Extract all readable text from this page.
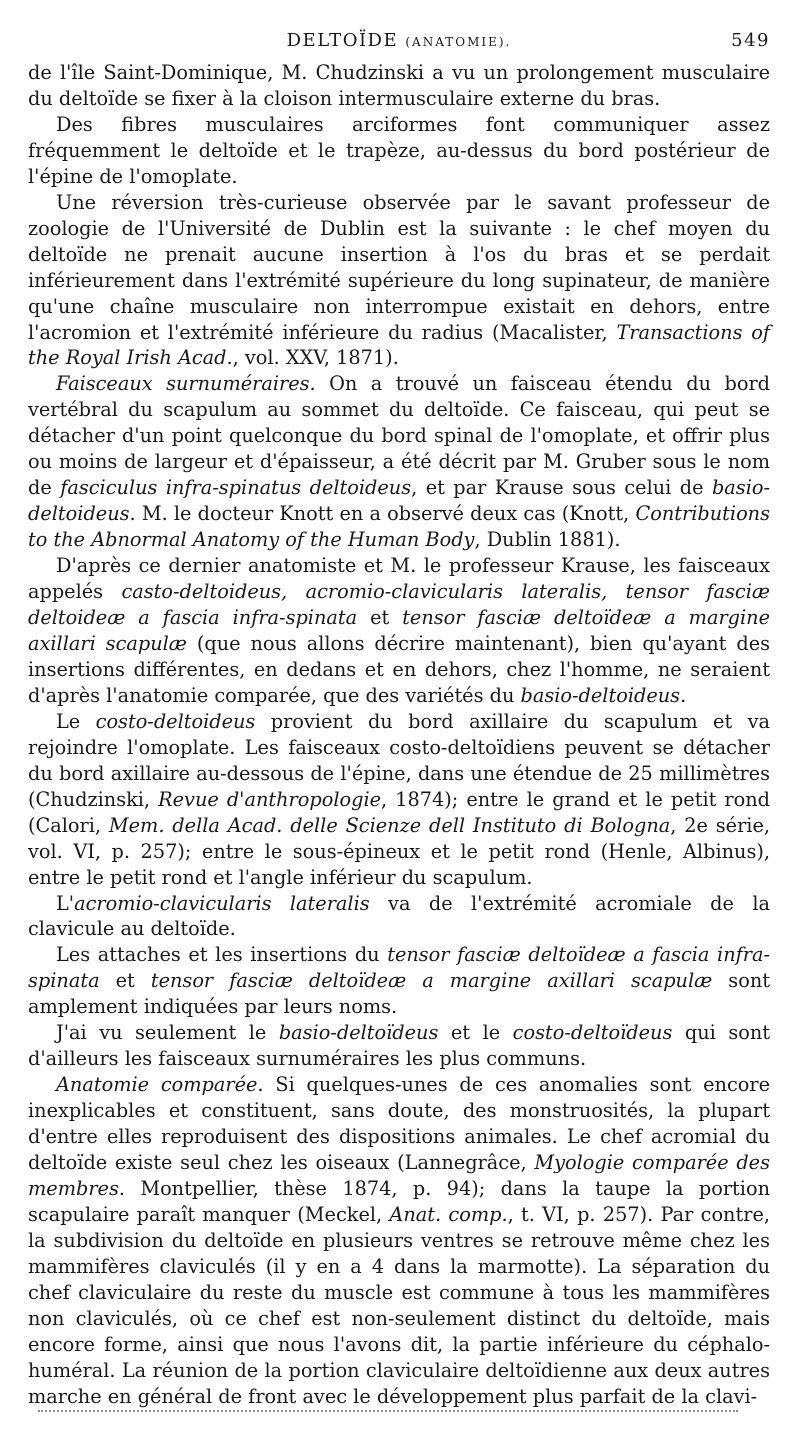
DELTOÏDE (ANATOMIE).	549

de l'île Saint-Dominique, M. Chudzinski a vu un prolongement musculaire du deltoïde se fixer à la cloison intermusculaire externe du bras.

Des fibres musculaires arciformes font communiquer assez fréquemment le deltoïde et le trapèze, au-dessus du bord postérieur de l'épine de l'omoplate.

Une réversion très-curieuse observée par le savant professeur de zoologie de l'Université de Dublin est la suivante : le chef moyen du deltoïde ne prenait aucune insertion à l'os du bras et se perdait inférieurement dans l'extrémité supérieure du long supinateur, de manière qu'une chaîne musculaire non interrompue existait en dehors, entre l'acromion et l'extrémité inférieure du radius (Macalister, Transactions of the Royal Irish Acad., vol. XXV, 1871).

Faisceaux surnuméraires. On a trouvé un faisceau étendu du bord vertébral du scapulum au sommet du deltoïde. Ce faisceau, qui peut se détacher d'un point quelconque du bord spinal de l'omoplate, et offrir plus ou moins de largeur et d'épaisseur, a été décrit par M. Gruber sous le nom de fasciculus infra-spinatus deltoideus, et par Krause sous celui de basio-deltoideus. M. le docteur Knott en a observé deux cas (Knott, Contributions to the Abnormal Anatomy of the Human Body, Dublin 1881).

D'après ce dernier anatomiste et M. le professeur Krause, les faisceaux appelés casto-deltoideus, acromio-clavicularis lateralis, tensor fasciæ deltoideæ a fascia infra-spinata et tensor fasciæ deltoïdeæ a margine axillari scapulæ (que nous allons décrire maintenant), bien qu'ayant des insertions différentes, en dedans et en dehors, chez l'homme, ne seraient d'après l'anatomie comparée, que des variétés du basio-deltoideus.

Le costo-deltoideus provient du bord axillaire du scapulum et va rejoindre l'omoplate. Les faisceaux costo-deltoïdiens peuvent se détacher du bord axillaire au-dessous de l'épine, dans une étendue de 25 millimètres (Chudzinski, Revue d'anthropologie, 1874); entre le grand et le petit rond (Calori, Mem. della Acad. delle Scienze dell Instituto di Bologna, 2e série, vol. VI, p. 257); entre le sous-épineux et le petit rond (Henle, Albinus), entre le petit rond et l'angle inférieur du scapulum.

L'acromio-clavicularis lateralis va de l'extrémité acromiale de la clavicule au deltoïde.

Les attaches et les insertions du tensor fasciæ deltoïdeæ a fascia infra-spinata et tensor fasciæ deltoïdeæ a margine axillari scapulæ sont amplement indiquées par leurs noms.

J'ai vu seulement le basio-deltoïdeus et le costo-deltoïdeus qui sont d'ailleurs les faisceaux surnuméraires les plus communs.

Anatomie comparée. Si quelques-unes de ces anomalies sont encore inexplicables et constituent, sans doute, des monstruosités, la plupart d'entre elles reproduisent des dispositions animales. Le chef acromial du deltoïde existe seul chez les oiseaux (Lannegrâce, Myologie comparée des membres. Montpellier, thèse 1874, p. 94); dans la taupe la portion scapulaire paraît manquer (Meckel, Anat. comp., t. VI, p. 257). Par contre, la subdivision du deltoïde en plusieurs ventres se retrouve même chez les mammifères claviculés (il y en a 4 dans la marmotte). La séparation du chef claviculaire du reste du muscle est commune à tous les mammifères non claviculés, où ce chef est non-seulement distinct du deltoïde, mais encore forme, ainsi que nous l'avons dit, la partie inférieure du céphalo-huméral. La réunion de la portion claviculaire deltoïdienne aux deux autres marche en général de front avec le développement plus parfait de la clavi-
